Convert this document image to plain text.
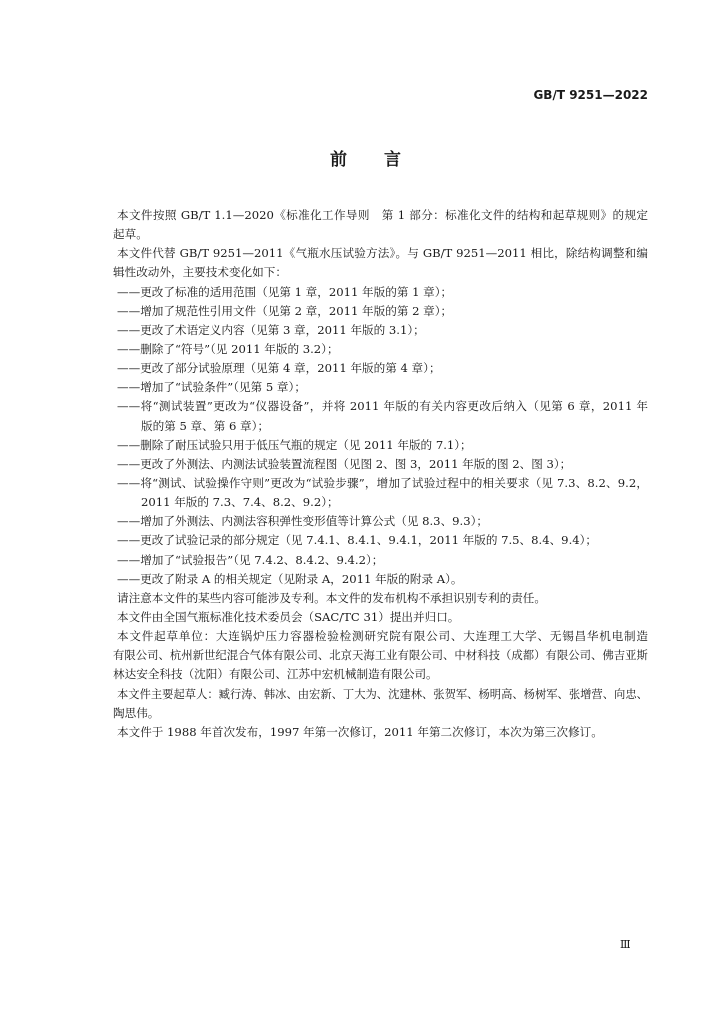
GB/T 9251—2022
前　　言
本文件按照 GB/T 1.1—2020《标准化工作导则　第 1 部分：标准化文件的结构和起草规则》的规定
起草。
本文件代替 GB/T 9251—2011《气瓶水压试验方法》。与 GB/T 9251—2011 相比，除结构调整和编
辑性改动外，主要技术变化如下：
——更改了标准的适用范围（见第 1 章，2011 年版的第 1 章）；
——增加了规范性引用文件（见第 2 章，2011 年版的第 2 章）；
——更改了术语定义内容（见第 3 章，2011 年版的 3.1）；
——删除了“符号”（见 2011 年版的 3.2）；
——更改了部分试验原理（见第 4 章，2011 年版的第 4 章）；
——增加了“试验条件”（见第 5 章）；
——将“测试装置”更改为“仪器设备”，并将 2011 年版的有关内容更改后纳入（见第 6 章，2011 年
版的第 5 章、第 6 章）；
——删除了耐压试验只用于低压气瓶的规定（见 2011 年版的 7.1）；
——更改了外测法、内测法试验装置流程图（见图 2、图 3，2011 年版的图 2、图 3）；
——将“测试、试验操作守则”更改为“试验步骤”，增加了试验过程中的相关要求（见 7.3、8.2、9.2，
2011 年版的 7.3、7.4、8.2、9.2）；
——增加了外测法、内测法容积弹性变形值等计算公式（见 8.3、9.3）；
——更改了试验记录的部分规定（见 7.4.1、8.4.1、9.4.1，2011 年版的 7.5、8.4、9.4）；
——增加了“试验报告”（见 7.4.2、8.4.2、9.4.2）；
——更改了附录 A 的相关规定（见附录 A，2011 年版的附录 A）。
请注意本文件的某些内容可能涉及专利。本文件的发布机构不承担识别专利的责任。
本文件由全国气瓶标准化技术委员会（SAC/TC 31）提出并归口。
本文件起草单位：大连锅炉压力容器检验检测研究院有限公司、大连理工大学、无锡昌华机电制造
有限公司、杭州新世纪混合气体有限公司、北京天海工业有限公司、中材科技（成都）有限公司、佛吉亚斯
林达安全科技（沈阳）有限公司、江苏中宏机械制造有限公司。
本文件主要起草人：臧行涛、韩冰、由宏新、丁大为、沈建林、张贺军、杨明高、杨树军、张增营、向忠、
陶思伟。
本文件于 1988 年首次发布，1997 年第一次修订，2011 年第二次修订，本次为第三次修订。
Ⅲ
